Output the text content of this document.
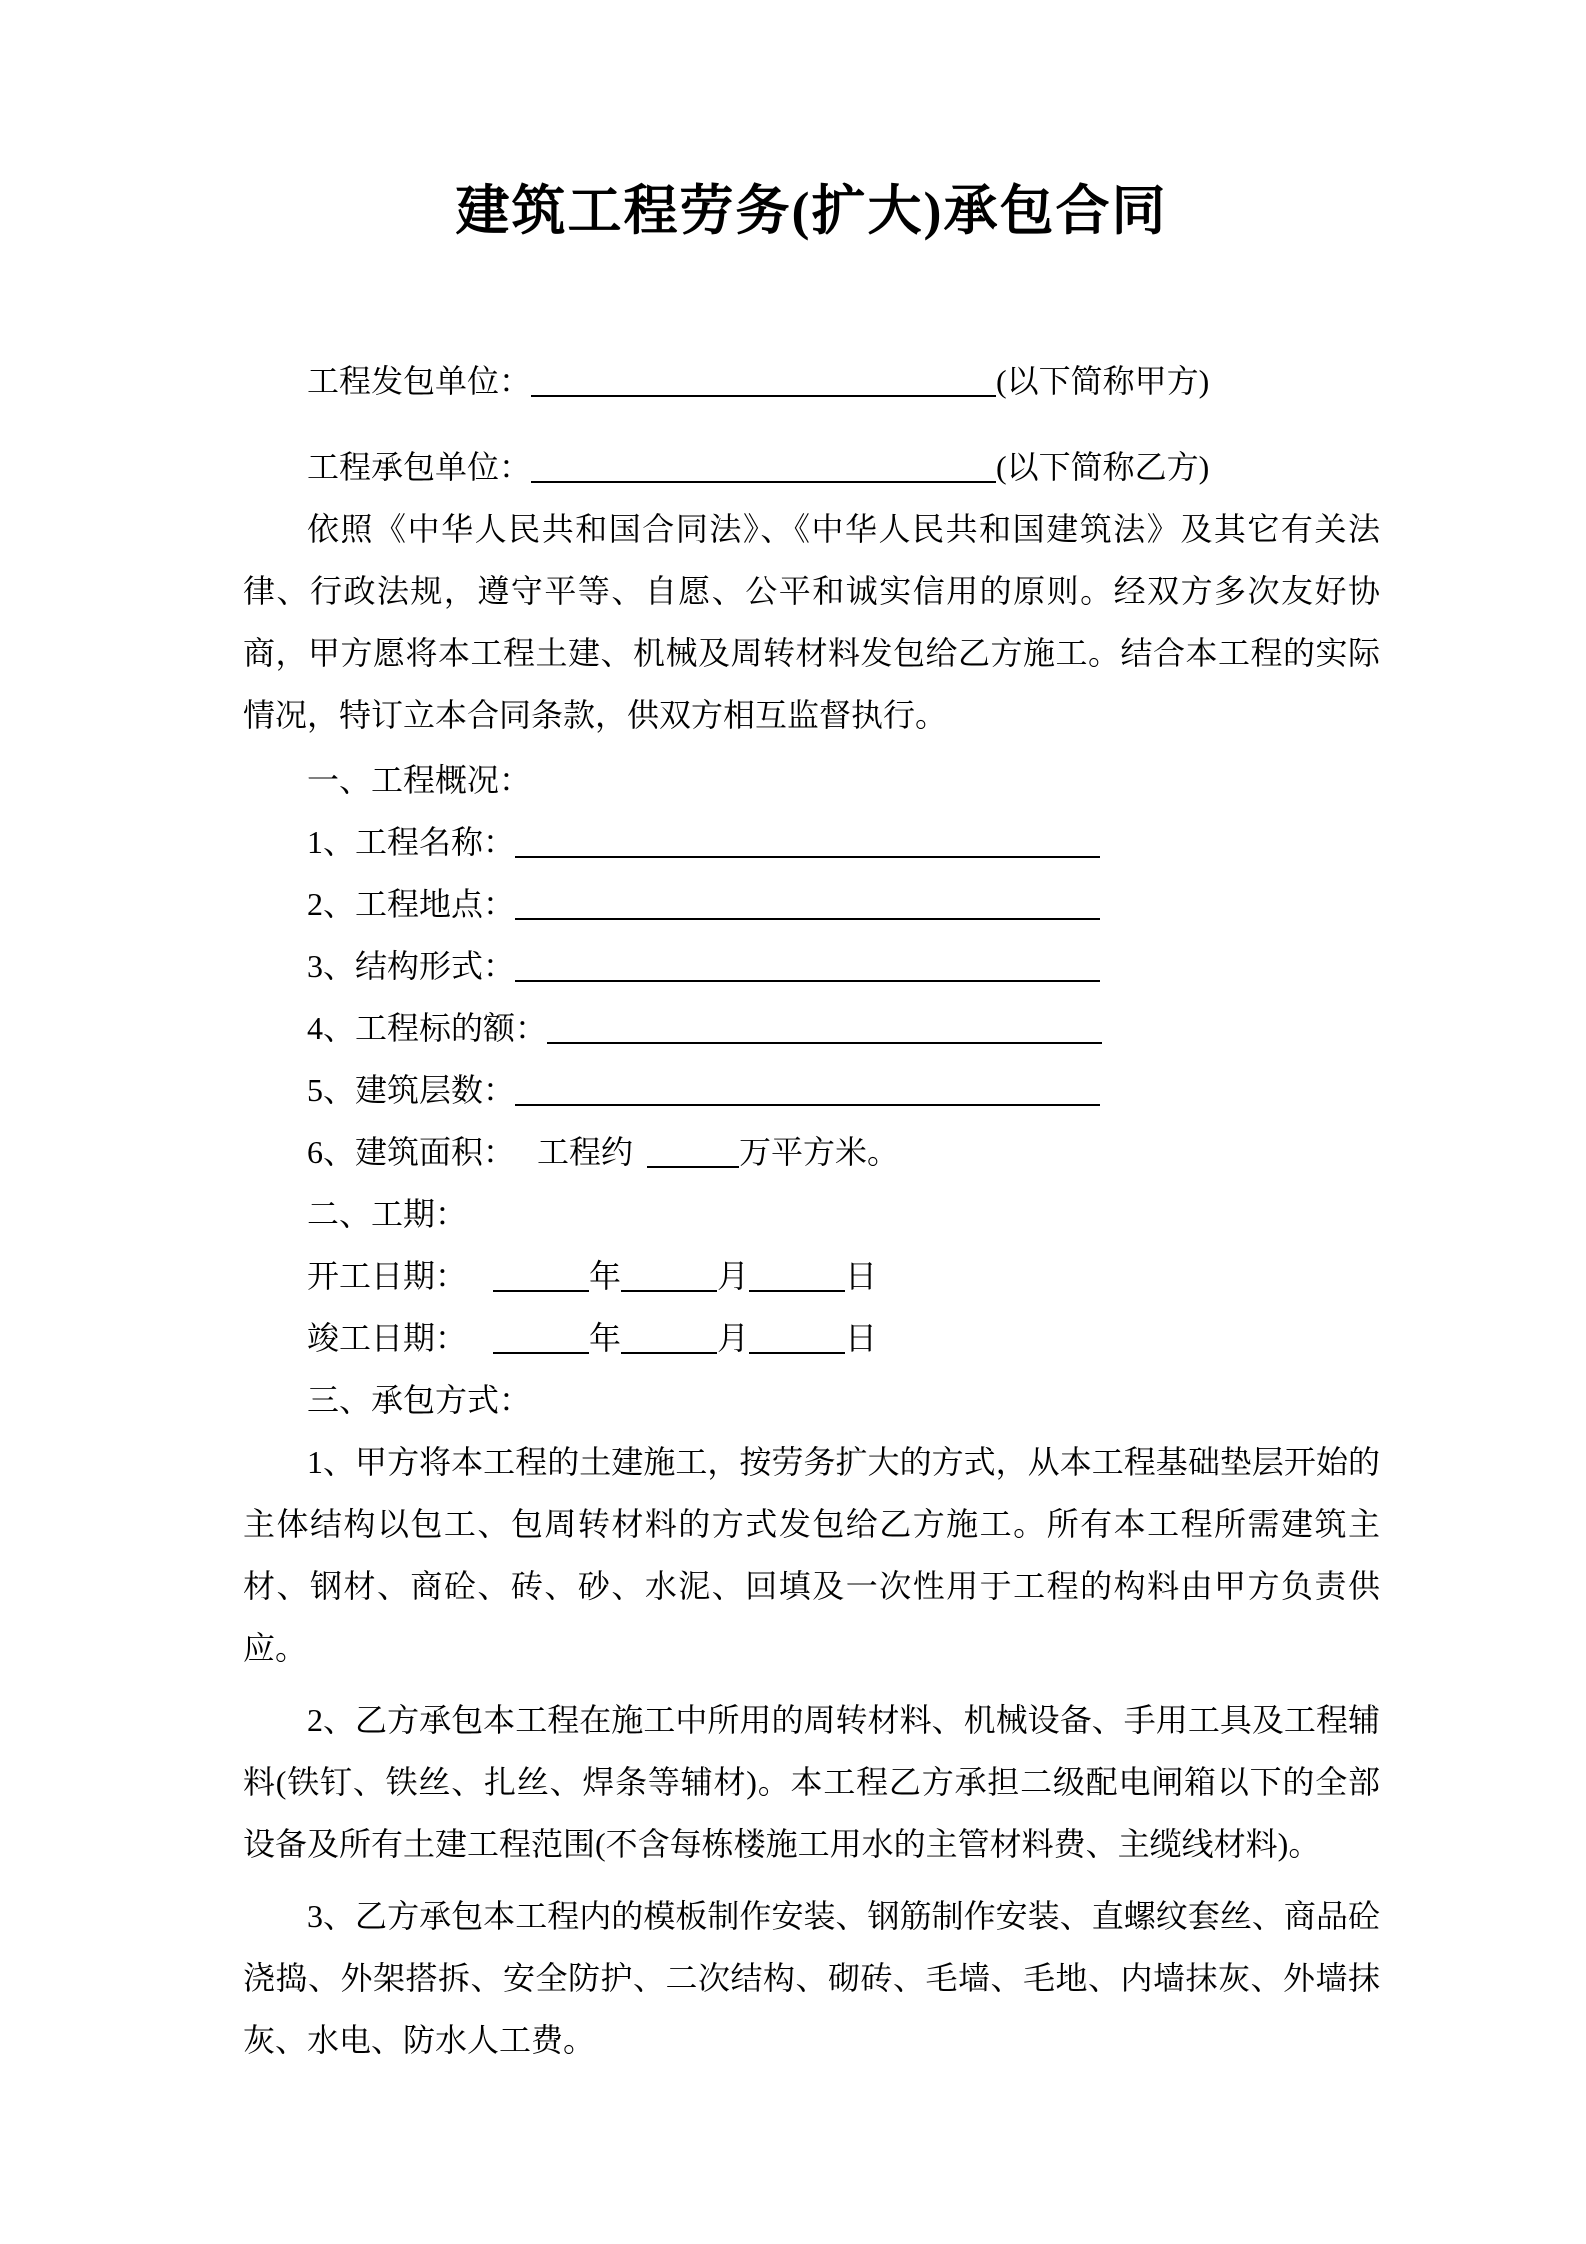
建筑工程劳务(扩大)承包合同
工程发包单位：	(以下简称甲方)
工程承包单位：	(以下简称乙方)

依照《中华人民共和国合同法》、《中华人民共和国建筑法》及其它有关法律、行政法规，遵守平等、自愿、公平和诚实信用的原则。经双方多次友好协商，甲方愿将本工程土建、机械及周转材料发包给乙方施工。结合本工程的实际情况，特订立本合同条款，供双方相互监督执行。

一、工程概况：
1、工程名称：
2、工程地点：
3、结构形式：
4、工程标的额：
5、建筑层数：
6、建筑面积： 工程约	万平方米。
二、工期：
开工日期：	年	月	日
竣工日期：	年	月	日
三、承包方式：

1、甲方将本工程的土建施工，按劳务扩大的方式，从本工程基础垫层开始的主体结构以包工、包周转材料的方式发包给乙方施工。所有本工程所需建筑主材、钢材、商砼、砖、砂、水泥、回填及一次性用于工程的构料由甲方负责供应。

2、乙方承包本工程在施工中所用的周转材料、机械设备、手用工具及工程辅料(铁钉、铁丝、扎丝、焊条等辅材)。本工程乙方承担二级配电闸箱以下的全部设备及所有土建工程范围(不含每栋楼施工用水的主管材料费、主缆线材料)。

3、乙方承包本工程内的模板制作安装、钢筋制作安装、直螺纹套丝、商品砼浇捣、外架搭拆、安全防护、二次结构、砌砖、毛墙、毛地、内墙抹灰、外墙抹灰、水电、防水人工费。
